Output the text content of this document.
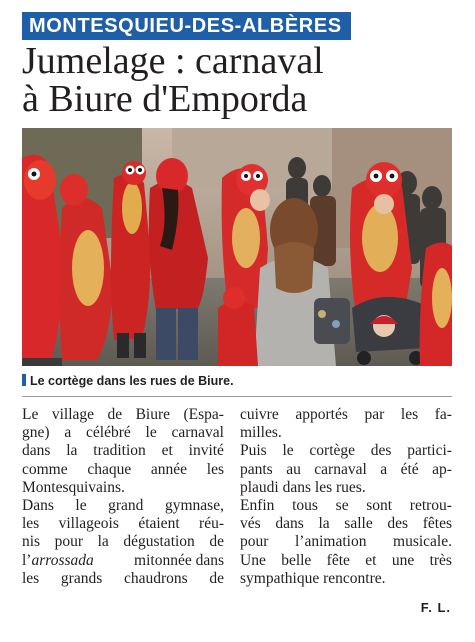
MONTESQUIEU-DES-ALBÈRES
Jumelage : carnaval
à Biure d'Emporda
Le cortège dans les rues de Biure.
Le village de Biure (Espa-
gne) a célébré le carnaval
dans la tradition et invité
comme chaque année les
Montesquivains.
Dans le grand gymnase,
les villageois étaient réu-
nis pour la dégustation de
l’arrossada mitonnée dans
les grands chaudrons de
cuivre apportés par les fa-
milles.
Puis le cortège des partici-
pants au carnaval a été ap-
plaudi dans les rues.
Enfin tous se sont retrou-
vés dans la salle des fêtes
pour l’animation musicale.
Une belle fête et une très
sympathique rencontre.
F. L.
